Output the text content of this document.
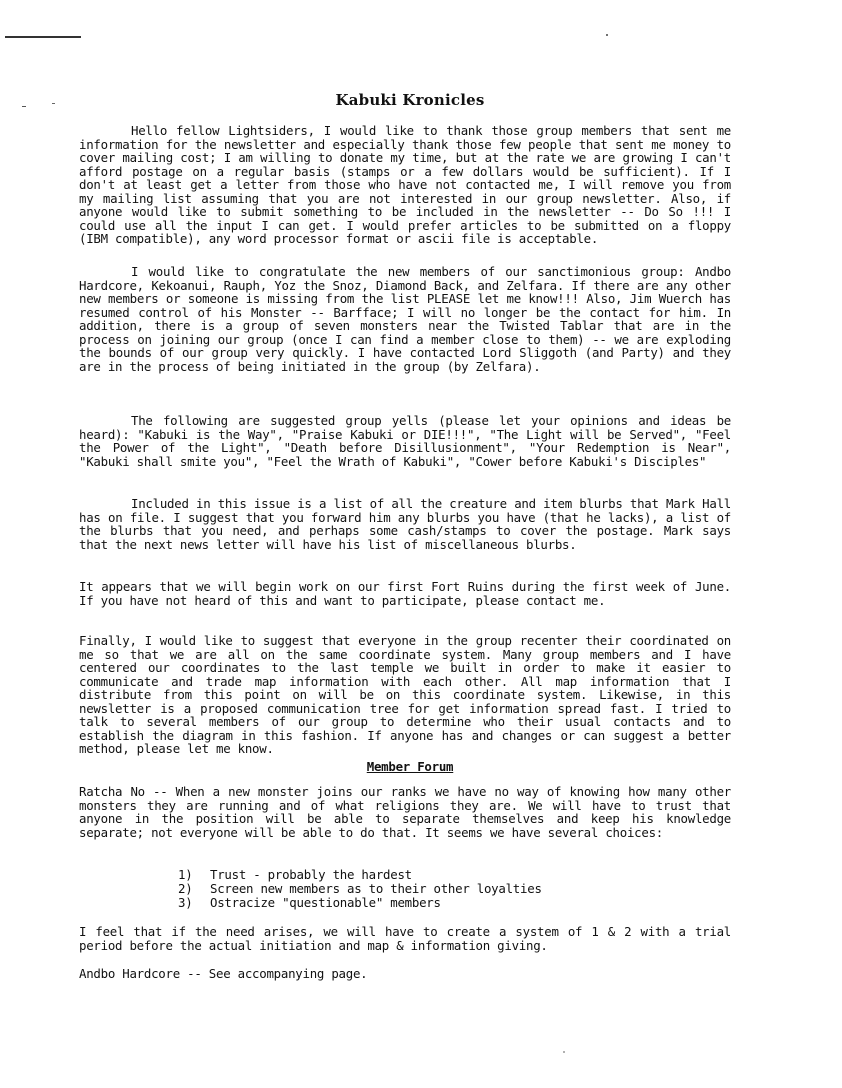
Kabuki Kronicles

Hello fellow Lightsiders, I would like to thank those group members that sent me information for the newsletter and especially thank those few people that sent me money to cover mailing cost; I am willing to donate my time, but at the rate we are growing I can't afford postage on a regular basis (stamps or a few dollars would be sufficient). If I don't at least get a letter from those who have not contacted me, I will remove you from my mailing list assuming that you are not interested in our group newsletter. Also, if anyone would like to submit something to be included in the newsletter -- Do So !!! I could use all the input I can get. I would prefer articles to be submitted on a floppy (IBM compatible), any word processor format or ascii file is acceptable.

I would like to congratulate the new members of our sanctimonious group: Andbo Hardcore, Kekoanui, Rauph, Yoz the Snoz, Diamond Back, and Zelfara. If there are any other new members or someone is missing from the list PLEASE let me know!!! Also, Jim Wuerch has resumed control of his Monster -- Barfface; I will no longer be the contact for him. In addition, there is a group of seven monsters near the Twisted Tablar that are in the process on joining our group (once I can find a member close to them) -- we are exploding the bounds of our group very quickly. I have contacted Lord Sliggoth (and Party) and they are in the process of being initiated in the group (by Zelfara).

The following are suggested group yells (please let your opinions and ideas be heard): "Kabuki is the Way", "Praise Kabuki or DIE!!!", "The Light will be Served", "Feel the Power of the Light", "Death before Disillusionment", "Your Redemption is Near", "Kabuki shall smite you", "Feel the Wrath of Kabuki", "Cower before Kabuki's Disciples"

Included in this issue is a list of all the creature and item blurbs that Mark Hall has on file. I suggest that you forward him any blurbs you have (that he lacks), a list of the blurbs that you need, and perhaps some cash/stamps to cover the postage. Mark says that the next news letter will have his list of miscellaneous blurbs.

It appears that we will begin work on our first Fort Ruins during the first week of June. If you have not heard of this and want to participate, please contact me.

Finally, I would like to suggest that everyone in the group recenter their coordinated on me so that we are all on the same coordinate system. Many group members and I have centered our coordinates to the last temple we built in order to make it easier to communicate and trade map information with each other. All map information that I distribute from this point on will be on this coordinate system. Likewise, in this newsletter is a proposed communication tree for get information spread fast. I tried to talk to several members of our group to determine who their usual contacts and to establish the diagram in this fashion. If anyone has and changes or can suggest a better method, please let me know.

Member Forum

Ratcha No -- When a new monster joins our ranks we have no way of knowing how many other monsters they are running and of what religions they are. We will have to trust that anyone in the position will be able to separate themselves and keep his knowledge separate; not everyone will be able to do that. It seems we have several choices:

1) Trust - probably the hardest
2) Screen new members as to their other loyalties
3) Ostracize "questionable" members

I feel that if the need arises, we will have to create a system of 1 & 2 with a trial period before the actual initiation and map & information giving.

Andbo Hardcore -- See accompanying page.
